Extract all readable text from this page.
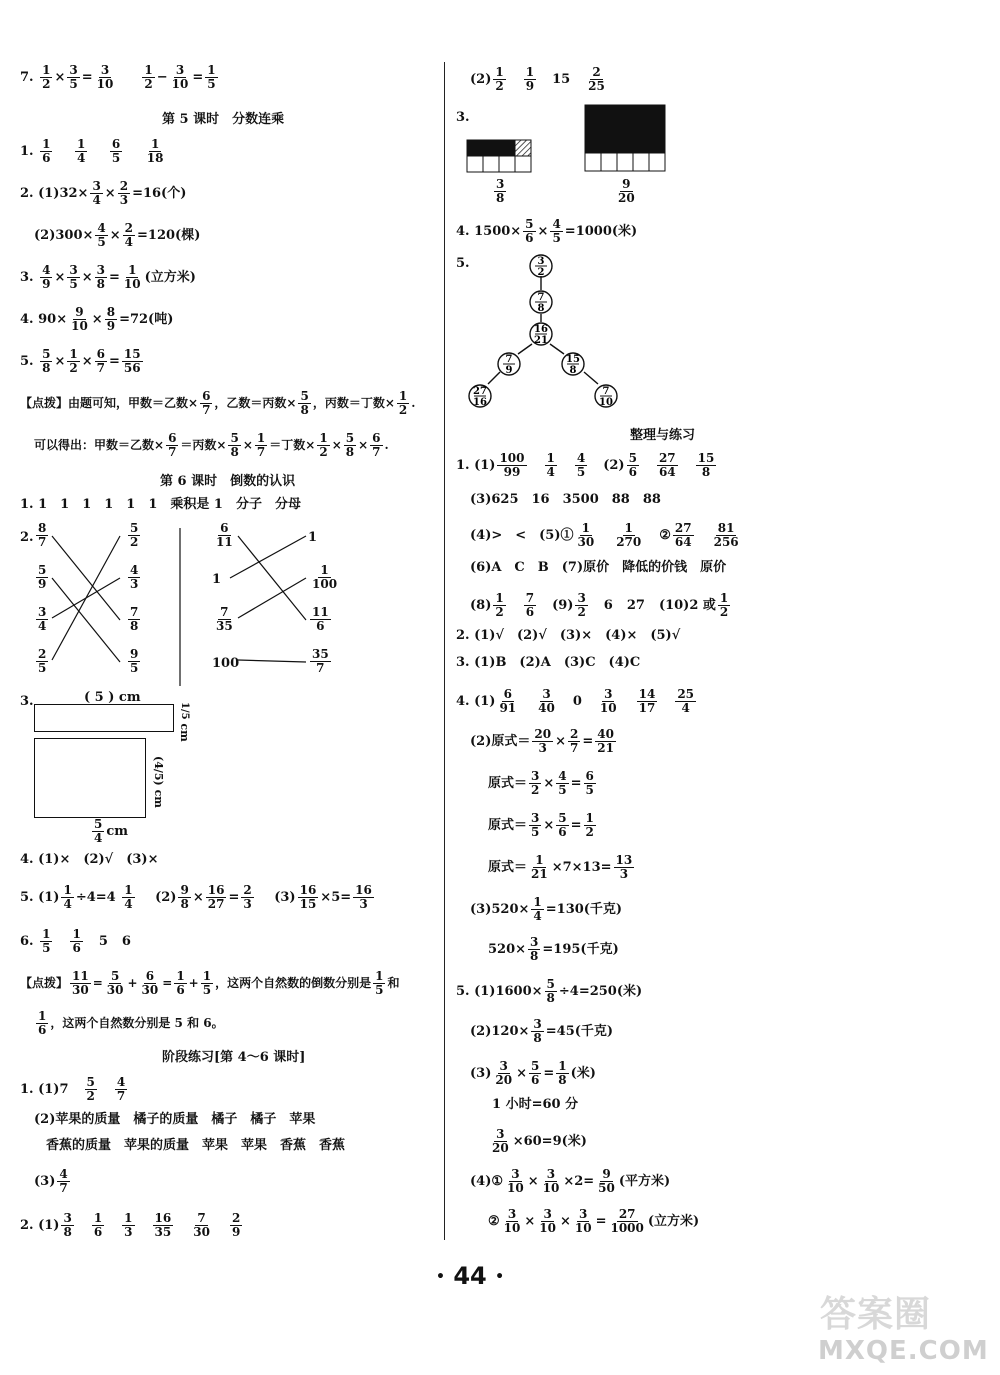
7. $\frac{1}{2} \times \frac{3}{5} = \frac{3}{10}$
$\frac{1}{2} - \frac{3}{10} = \frac{1}{5}$
第 5 课时　分数连乘
1. $\frac{1}{6}$
$\frac{1}{4}$
$\frac{6}{5}$
$\frac{1}{18}$
2. $(1)32\times \frac{3}{4} \times \frac{2}{3} =16$(个)
$(2)300\times \frac{4}{5} \times \frac{2}{4} =120$(棵)
3. $\frac{4}{9} \times \frac{3}{5} \times \frac{3}{8} = \frac{1}{10}$ (立方米)
4. $90\times \frac{9}{10} \times \frac{8}{9} =72$(吨)
5. $\frac{5}{8} \times \frac{1}{2} \times \frac{6}{7} = \frac{15}{56}$
【点拨】由题可知，甲数＝乙数× $\frac{6}{7}$ ，乙数＝丙数× $\frac{5}{8}$ ，丙数＝丁数× $\frac{1}{2}$ .
可以得出：甲数＝乙数× $\frac{6}{7}$ ＝丙数× $\frac{5}{8} \times \frac{1}{7}$ ＝丁数× $\frac{1}{2} \times \frac{5}{8} \times \frac{6}{7}$ .
第 6 课时　倒数的认识
1. 1　1　1　1　1　1　乘积是 1　分子　分母
2. $\frac{8}{7}$
$\frac{5}{9}$
$\frac{3}{4}$
$\frac{2}{5}$
$\frac{5}{2}$
$\frac{4}{3}$
$\frac{7}{8}$
$\frac{9}{5}$
$\frac{6}{11}$
1
$\frac{7}{35}$
100
1
$\frac{1}{100}$
$\frac{11}{6}$
$\frac{35}{7}$
3.	( 5 ) cm
1/5 cm
(4/5) cm
$\frac{5}{4}$ cm
4. (1)×　(2)√　(3)×
5. $(1) \frac{1}{4} \div 4=4 \frac{1}{4} (2) \frac{9}{8} \times \frac{16}{27} = \frac{2}{3} (3) \frac{16}{15} \times 5= \frac{16}{3}$
6. $\frac{1}{5} \frac{1}{6} 5$ 6
【点拨】 $\frac{11}{30} = \frac{5}{30} + \frac{6}{30} = \frac{1}{6} + \frac{1}{5}$ ，这两个自然数的倒数分别是 $\frac{1}{5}$ 和
$\frac{1}{6}$ ，这两个自然数分别是 5 和 6。
阶段练习[第 4～6 课时]
1. $(1)7 \frac{5}{2} \frac{4}{7}$
(2)苹果的质量　橘子的质量　橘子　橘子　苹果
香蕉的质量　苹果的质量　苹果　苹果　香蕉　香蕉
$(3) \frac{4}{7}$
2. $(1) \frac{3}{8} \frac{1}{6} \frac{1}{3} \frac{16}{35} \frac{7}{30} \frac{2}{9}$
$(2) \frac{1}{2} \frac{1}{9} 15 \frac{2}{25}$
3.
$\frac{3}{8}$	$\frac{9}{20}$
4. $1500\times \frac{5}{6} \times \frac{4}{5} =1000$(米)
5.	3
2
7
8
16
21
7
9
15
8
27
16
7
10
整理与练习
1. $(1) \frac{100}{99} \frac{1}{4} \frac{4}{5} (2) \frac{5}{6} \frac{27}{64} \frac{15}{8}$
(3)625　16　3500　88　88
(4)>　<　(5)① $\frac{1}{30} \frac{1}{270}$ ② $\frac{27}{64} \frac{81}{256}$
(6)A　C　B　(7)原价　降低的价钱　原价
$(8) \frac{1}{2} \frac{7}{6} (9) \frac{3}{2} 6$ 27 (10)2 或 $\frac{1}{2}$
2. (1)√　(2)√　(3)×　(4)×　(5)√
3. (1)B　(2)A　(3)C　(4)C
4. $(1) \frac{6}{91} \frac{3}{40} 0 \frac{3}{10} \frac{14}{17} \frac{25}{4}$
(2)原式＝ $\frac{20}{3} \times \frac{2}{7} = \frac{40}{21}$
原式＝ $\frac{3}{2} \times \frac{4}{5} = \frac{6}{5}$
原式＝ $\frac{3}{5} \times \frac{5}{6} = \frac{1}{2}$
原式＝ $\frac{1}{21} \times 7\times 13= \frac{13}{3}$
$(3)520\times \frac{1}{4} =130$(千克)
$520\times \frac{3}{8} =195$(千克)
5. $(1)1600\times \frac{5}{8} \div 4=250$(米)
$(2)120\times \frac{3}{8} =45$(千克)
$(3) \frac{3}{20} \times \frac{5}{6} = \frac{1}{8}$ (米)
1 小时=60 分
$\frac{3}{20} \times 60=9$(米)
(4)① $\frac{3}{10} \times \frac{3}{10} \times 2= \frac{9}{50}$ (平方米)
② $\frac{3}{10} \times \frac{3}{10} \times \frac{3}{10} = \frac{27}{1000}$ (立方米)
• 44 •
答案圈
MXQE.COM
